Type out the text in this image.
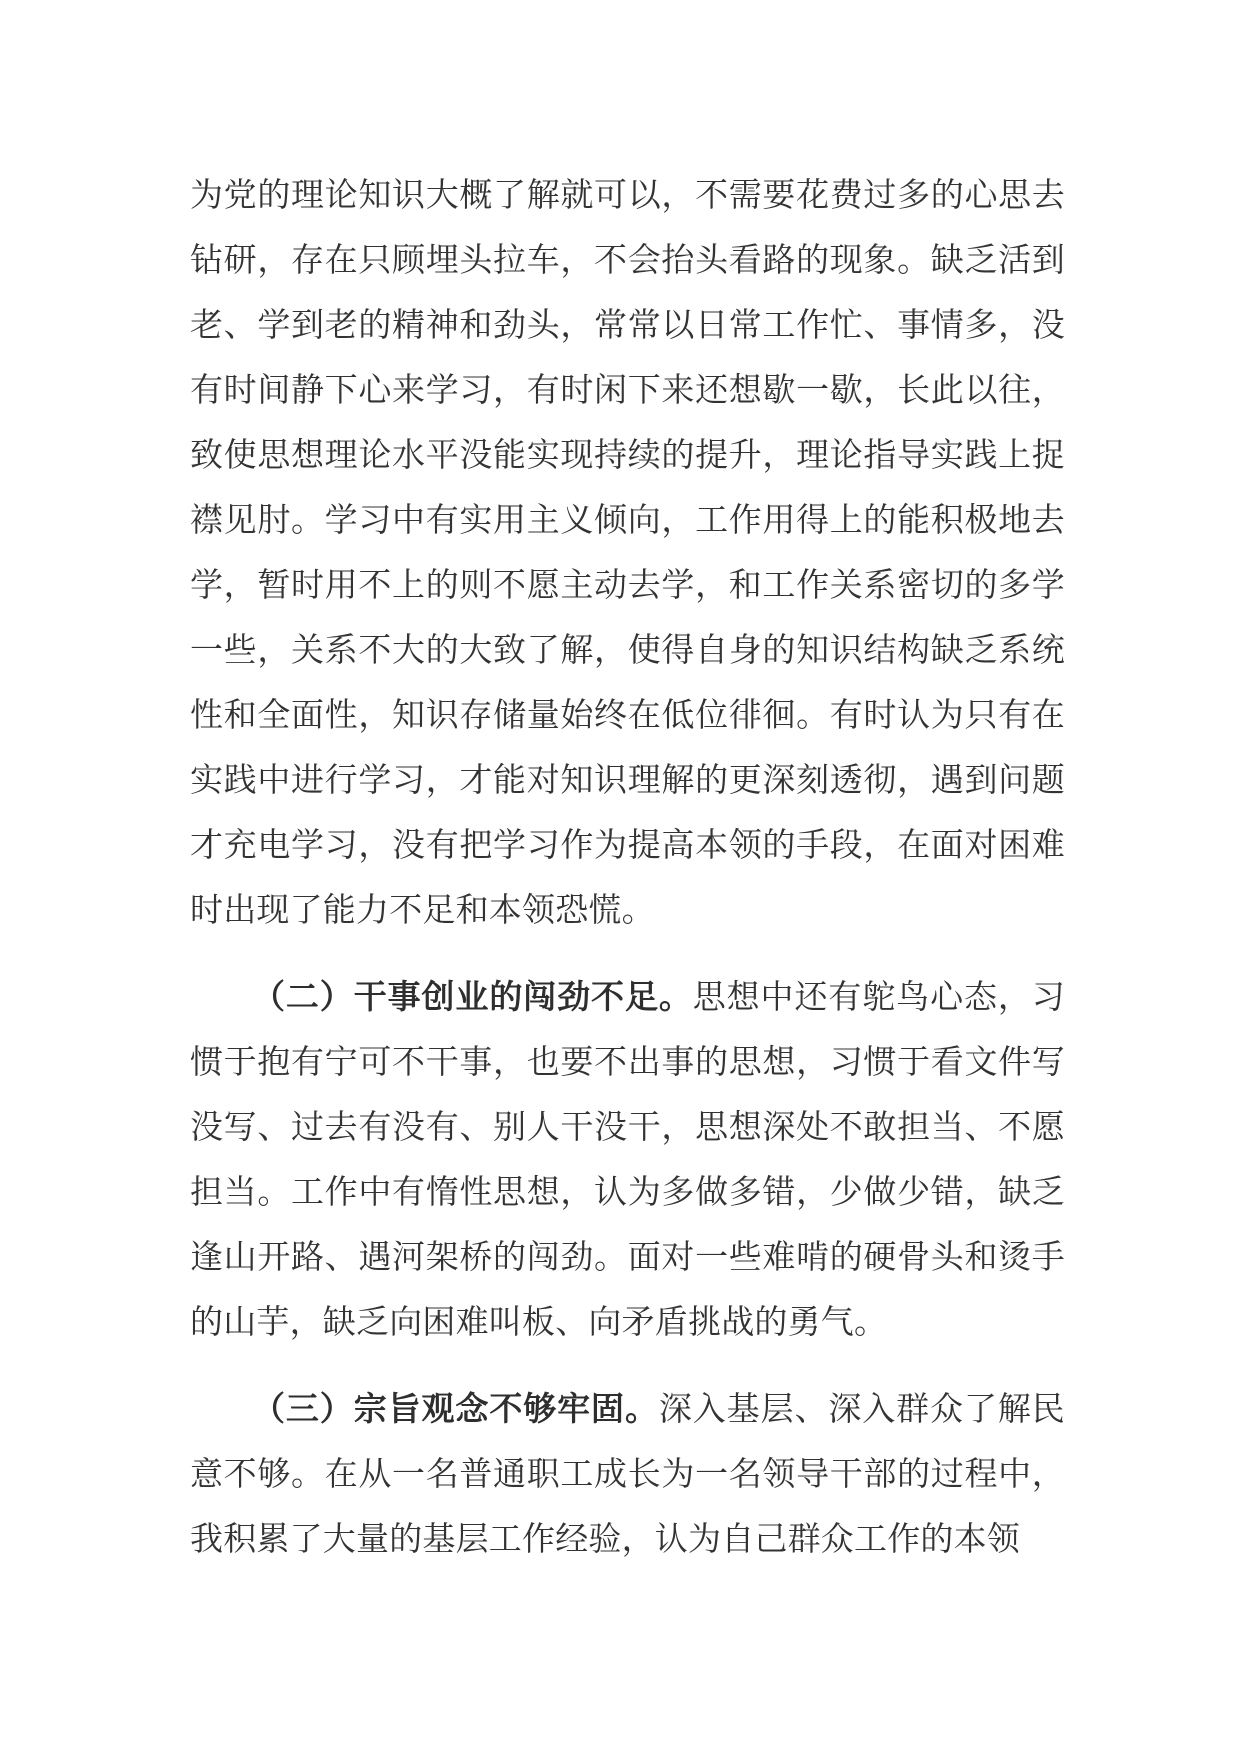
为党的理论知识大概了解就可以，不需要花费过多的心思去钻研，存在只顾埋头拉车，不会抬头看路的现象。缺乏活到老、学到老的精神和劲头，常常以日常工作忙、事情多，没有时间静下心来学习，有时闲下来还想歇一歇，长此以往，致使思想理论水平没能实现持续的提升，理论指导实践上捉襟见肘。学习中有实用主义倾向，工作用得上的能积极地去学，暂时用不上的则不愿主动去学，和工作关系密切的多学一些，关系不大的大致了解，使得自身的知识结构缺乏系统性和全面性，知识存储量始终在低位徘徊。有时认为只有在实践中进行学习，才能对知识理解的更深刻透彻，遇到问题才充电学习，没有把学习作为提高本领的手段，在面对困难时出现了能力不足和本领恐慌。

（二）干事创业的闯劲不足。思想中还有鸵鸟心态，习惯于抱有宁可不干事，也要不出事的思想，习惯于看文件写没写、过去有没有、别人干没干，思想深处不敢担当、不愿担当。工作中有惰性思想，认为多做多错，少做少错，缺乏逢山开路、遇河架桥的闯劲。面对一些难啃的硬骨头和烫手的山芋，缺乏向困难叫板、向矛盾挑战的勇气。

（三）宗旨观念不够牢固。深入基层、深入群众了解民意不够。在从一名普通职工成长为一名领导干部的过程中，我积累了大量的基层工作经验，认为自己群众工作的本领
